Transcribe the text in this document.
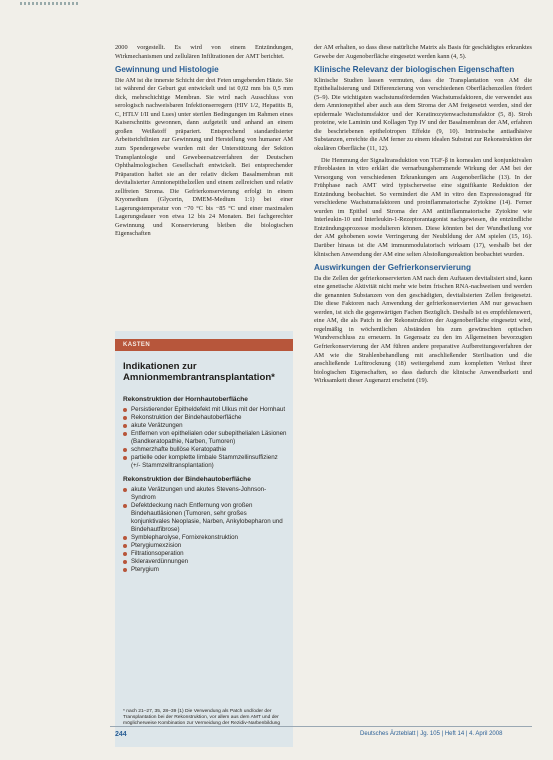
2000 vorgestellt. Es wird von einem Entzündungen, Wirkmechanismen und zellulären Infiltrationen der AMT berichtet.

Gewinnung und Histologie

Die AM ist die innerste Schicht der drei Feten umgebenden Häute. Sie ist während der Geburt gut entwickelt und ist 0,02 mm bis 0,5 mm dick, mehrschichtige Membran. Sie wird nach Ausschluss von serologisch nachweisbaren Infektionserregern (HIV 1/2, Hepatitis B, C, HTLV I/II und Lues) unter sterilen Bedingungen im Rahmen eines Kaiserschnitts gewonnen, dann aufgeteilt und anhand an einem großen Weißstoff präpariert. Entsprechend standardisierter Arbeitsrichtlinien zur Gewinnung und Herstellung von humaner AM zum Spendergewebe wurden mit der Unterstützung der Sektion Transplantologie und Gewebeersatzverfahren der Deutschen Ophthalmologischen Gesellschaft entwickelt. Bei entsprechender Präparation haftet sie an der relativ dicken Basalmembran mit devitalisierter Amnionepithelzellen und einem zellreichen und relativ zellfreien Stroma. Die Gefrierkonservierung erfolgt in einem Kryomedium (Glycerin, DMEM-Medium 1:1) bei einer Lagerungstemperatur von −70 °C bis −85 °C und einer maximalen Lagerungsdauer von etwa 12 bis 24 Monaten. Bei fachgerechter Gewinnung und Konservierung bleiben die biologischen Eigenschaften

KASTEN
Indikationen zur Amnionmembrantransplantation*
Rekonstruktion der Hornhautoberfläche
Persistierender Epitheldefekt mit Ulkus mit der Hornhaut
Rekonstruktion der Bindehautoberfläche
akute Verätzungen
Entfernen von epithelialen oder subepithelialen Läsionen (Bandkeratopathie, Narben, Tumoren)
schmerzhafte bullöse Keratopathie
partielle oder komplette limbale Stammzellinsuffizienz (+/- Stammzelltransplantation)
Rekonstruktion der Bindehautoberfläche
akute Verätzungen und akutes Stevens-Johnson-Syndrom
Defektdeckung nach Entfernung von großen Bindehautläsionen (Tumoren, sehr großes konjunktivales Neoplasie, Narben, Ankylobepharon und Bindehautfibrose)
Symblepharolyse, Fornixrekonstruktion
Pterygiumexzision
Filtrationsoperation
Skleraverdünnungen
Pterygium
* nach 21–27, 35, 28–39 (1) Die Verwendung als Patch und/oder der Transplantation bei der Rekonstruktion, vor allem aus dem AMT und der möglicherweise Kombination zur Vermeidung der Rezidiv-Narbenbildung

der AM erhalten, so dass diese natürliche Matrix als Basis für geschädigtes erkranktes Gewebe der Augenoberfläche eingesetzt werden kann (4, 5).

Klinische Relevanz der biologischen Eigenschaften

Klinische Studien lassen vermuten, dass die Transplantation von AM die Epithelialisierung und Differenzierung von verschiedenen Oberflächenzellen fördert (5–9). Die wichtigsten wachstumsfördernden Wachstumsfaktoren, die verwendet aus dem Amnionepithel aber auch aus dem Stroma der AM freigesetzt werden, sind der epidermale Wachstumsfaktor und der Keratinozytenwachstumsfaktor (5, 8). Stroh proteine, wie Laminin und Kollagen Typ IV und der Basalmembran der AM, erfahren die beschriebenen epithelotropen Effekte (9, 10). Intrinsische antiadhäsive Substanzen, erreichte die AM ferner zu einem idealen Substrat zur Rekonstruktion der okulären Oberfläche (11, 12).

Die Hemmung der Signaltransduktion von TGF-β in kornealen und konjunktivalen Fibroblasten in vitro erklärt die vernarbungshemmende Wirkung der AM bei der Versorgung von verschiedenen Erkrankungen am Augenoberfläche (13). In der Frühphase nach AMT wird typischerweise eine signifikante Reduktion der Entzündung beobachtet. So vermindert die AM in vitro den Expressionsgrad für verschiedene Wachstumsfaktoren und proinflammatorische Zytokine (14). Ferner wurden im Epithel und Stroma der AM antiinflammatorische Zytokine wie Interleukin-10 und Interleukin-1-Rezeptorantagonist nachgewiesen, die entzündliche Entzündungsprozesse modulieren können. Diese könnten bei der Wundheilung vor der AM gehobenen sowie Verringerung der Neubildung der AM spielen (15, 16). Darüber hinaus ist die AM immunmodulatorisch wirksam (17), weshalb bei der klinischen Anwendung der AM eine selten Abstoßungsreaktion beobachtet wurden.

Auswirkungen der Gefrierkonservierung

Da die Zellen der gefrierkonservierten AM nach dem Auftauen devitalisiert sind, kann eine genetische Aktivität nicht mehr wie beim frischen RNA-nachweisen und werden die genannten Substanzen von den geschädigten, devitalisierten Zellen freigesetzt. Die diese Faktoren nach Anwendung der gefrierkonservierten AM nur gewachsen werden, ist sich die gegenwärtigen Fachen Bezüglich. Deshalb ist es empfehlenswert, eine AM, die als Patch in der Rekonstruktion der Augenoberfläche eingesetzt wird, regelmäßig in wöchentlichen Abständen bis zum gewünschten optischen Wundverschluss zu erneuern. In Gegensatz zu den im Allgemeinen bevorzugten Gefrierkonservierung der AM führen andere preparative Aufbereitungsverfahren der AM wie die Strahlenbehandlung mit anschließender Sterilisation und die anschließende Lufttrocknung (18) weitergehend zum kompletten Verlust ihrer biologischen Eigenschaften, so dass dadurch die klinische Anwendbarkeit und Wirksamkeit dieser Augenarzt erscheint (19).

244	Deutsches Ärzteblatt | Jg. 105 | Heft 14 | 4. April 2008
